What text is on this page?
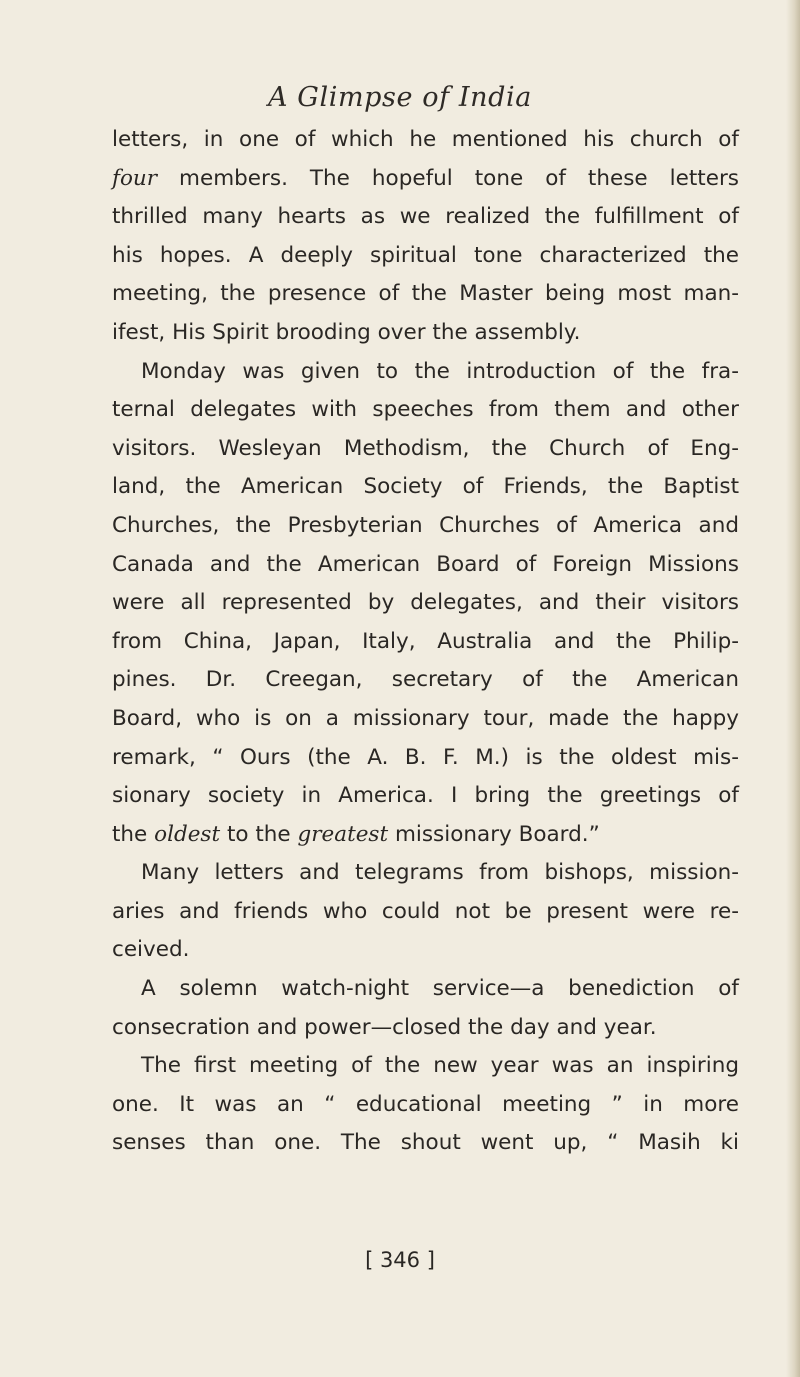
A Glimpse of India
letters, in one of which he mentioned his church of
four members. The hopeful tone of these letters
thrilled many hearts as we realized the fulfillment of
his hopes. A deeply spiritual tone characterized the
meeting, the presence of the Master being most man-
ifest, His Spirit brooding over the assembly.
Monday was given to the introduction of the fra-
ternal delegates with speeches from them and other
visitors. Wesleyan Methodism, the Church of Eng-
land, the American Society of Friends, the Baptist
Churches, the Presbyterian Churches of America and
Canada and the American Board of Foreign Missions
were all represented by delegates, and their visitors
from China, Japan, Italy, Australia and the Philip-
pines. Dr. Creegan, secretary of the American
Board, who is on a missionary tour, made the happy
remark, “ Ours (the A. B. F. M.) is the oldest mis-
sionary society in America. I bring the greetings of
the oldest to the greatest missionary Board.”
Many letters and telegrams from bishops, mission-
aries and friends who could not be present were re-
ceived.
A solemn watch-night service—a benediction of
consecration and power—closed the day and year.
The first meeting of the new year was an inspiring
one. It was an “ educational meeting ” in more
senses than one. The shout went up, “ Masih ki
[ 346 ]
